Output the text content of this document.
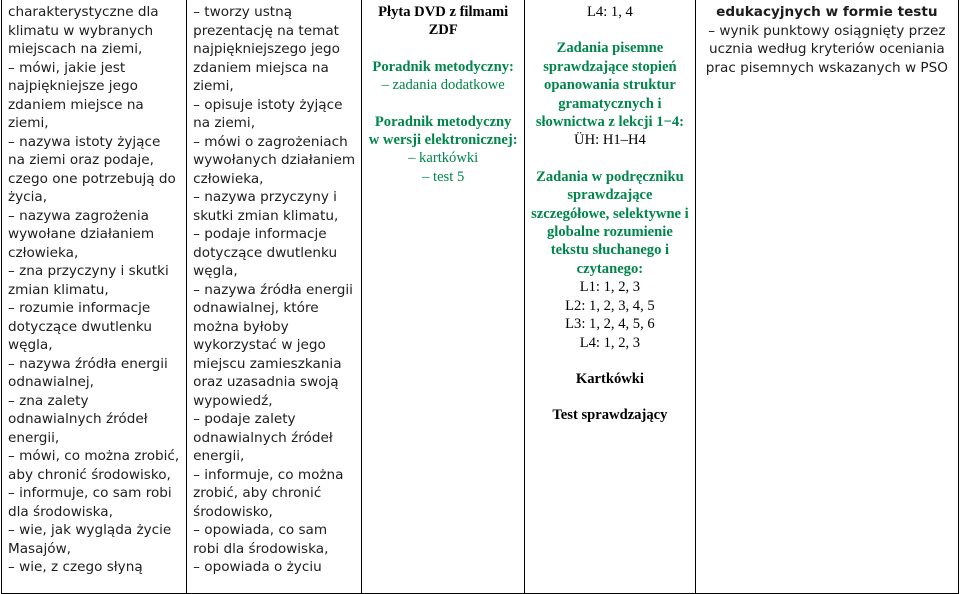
charakterystyczne dla klimatu w wybranych miejscach na ziemi,
– mówi, jakie jest najpiękniejsze jego zdaniem miejsce na ziemi,
– nazywa istoty żyjące na ziemi oraz podaje, czego one potrzebują do życia,
– nazywa zagrożenia wywołane działaniem człowieka,
– zna przyczyny i skutki zmian klimatu,
– rozumie informacje dotyczące dwutlenku węgla,
– nazywa źródła energii odnawialnej,
– zna zalety odnawialnych źródeł energii,
– mówi, co można zrobić, aby chronić środowisko,
– informuje, co sam robi dla środowiska,
– wie, jak wygląda życie Masajów,
– wie, z czego słyną

– tworzy ustną prezentację na temat najpiękniejszego jego zdaniem miejsca na ziemi,
– opisuje istoty żyjące na ziemi,
– mówi o zagrożeniach wywołanych działaniem człowieka,
– nazywa przyczyny i skutki zmian klimatu,
– podaje informacje dotyczące dwutlenku węgla,
– nazywa źródła energii odnawialnej, które można byłoby wykorzystać w jego miejscu zamieszkania oraz uzasadnia swoją wypowiedź,
– podaje zalety odnawialnych źródeł energii,
– informuje, co można zrobić, aby chronić środowisko,
– opowiada, co sam robi dla środowiska,
– opowiada o życiu

Płyta DVD z filmami ZDF
Poradnik metodyczny:
– zadania dodatkowe
Poradnik metodyczny w wersji elektronicznej:
– kartkówki
– test 5

L4: 1, 4
Zadania pisemne sprawdzające stopień opanowania struktur gramatycznych i słownictwa z lekcji 1−4:
ÜH: H1–H4
Zadania w podręczniku sprawdzające szczegółowe, selektywne i globalne rozumienie tekstu słuchanego i czytanego:
L1: 1, 2, 3
L2: 1, 2, 3, 4, 5
L3: 1, 2, 4, 5, 6
L4: 1, 2, 3
Kartkówki
Test sprawdzający

edukacyjnych w formie testu
– wynik punktowy osiągnięty przez ucznia według kryteriów oceniania prac pisemnych wskazanych w PSO
